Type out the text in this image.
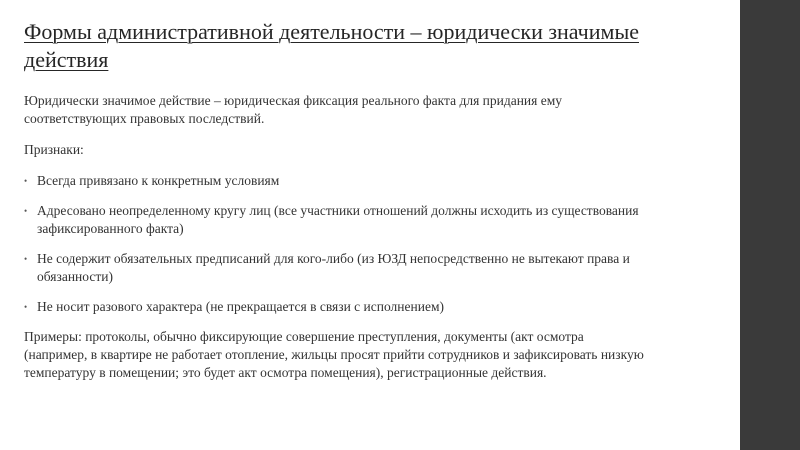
Формы административной деятельности – юридически значимые действия

Юридически значимое действие – юридическая фиксация реального факта для придания ему соответствующих правовых последствий.

Признаки:

• Всегда привязано к конкретным условиям
• Адресовано неопределенному кругу лиц (все участники отношений должны исходить из существования зафиксированного факта)
• Не содержит обязательных предписаний для кого-либо (из ЮЗД непосредственно не вытекают права и обязанности)
• Не носит разового характера (не прекращается в связи с исполнением)

Примеры: протоколы, обычно фиксирующие совершение преступления, документы (акт осмотра (например, в квартире не работает отопление, жильцы просят прийти сотрудников и зафиксировать низкую температуру в помещении; это будет акт осмотра помещения), регистрационные действия.
